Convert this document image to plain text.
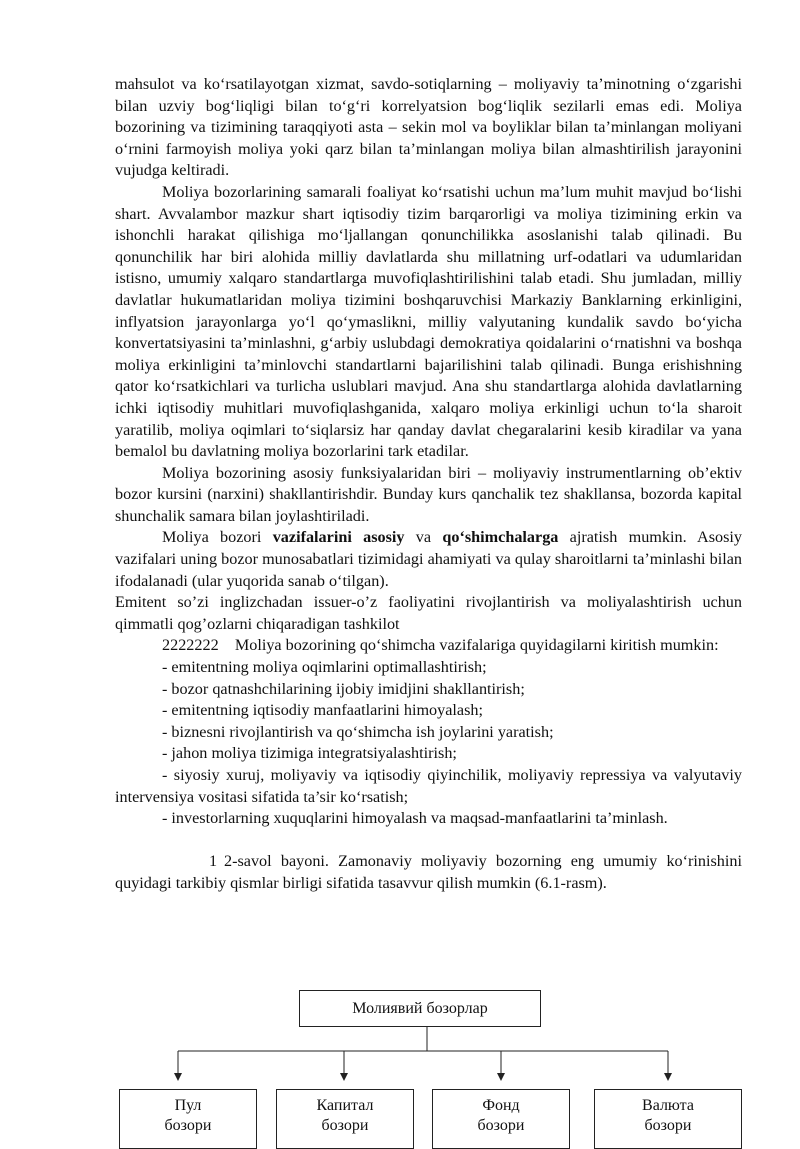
mahsulot va ko‘rsatilayotgan xizmat, savdo-sotiqlarning – moliyaviy ta’minotning o‘zgarishi bilan uzviy bog‘liqligi bilan to‘g‘ri korrelyatsion bog‘liqlik sezilarli emas edi. Moliya bozorining va tizimining taraqqiyoti asta – sekin mol va boyliklar bilan ta’minlangan moliyani o‘rnini farmoyish moliya yoki qarz bilan ta’minlangan moliya bilan almashtirilish jarayonini vujudga keltiradi.

Moliya bozorlarining samarali foaliyat ko‘rsatishi uchun ma’lum muhit mavjud bo‘lishi shart. Avvalambor mazkur shart iqtisodiy tizim barqarorligi va moliya tizimining erkin va ishonchli harakat qilishiga mo‘ljallangan qonunchilikka asoslanishi talab qilinadi. Bu qonunchilik har biri alohida milliy davlatlarda shu millatning urf-odatlari va udumlaridan istisno, umumiy xalqaro standartlarga muvofiqlashtirilishini talab etadi. Shu jumladan, milliy davlatlar hukumatlaridan moliya tizimini boshqaruvchisi Markaziy Banklarning erkinligini, inflyatsion jarayonlarga yo‘l qo‘ymaslikni, milliy valyutaning kundalik savdo bo‘yicha konvertatsiyasini ta’minlashni, g‘arbiy uslubdagi demokratiya qoidalarini o‘rnatishni va boshqa moliya erkinligini ta’minlovchi standartlarni bajarilishini talab qilinadi. Bunga erishishning qator ko‘rsatkichlari va turlicha uslublari mavjud. Ana shu standartlarga alohida davlatlarning ichki iqtisodiy muhitlari muvofiqlashganida, xalqaro moliya erkinligi uchun to‘la sharoit yaratilib, moliya oqimlari to‘siqlarsiz har qanday davlat chegaralarini kesib kiradilar va yana bemalol bu davlatning moliya bozorlarini tark etadilar.

Moliya bozorining asosiy funksiyalaridan biri – moliyaviy instrumentlarning ob’ektiv bozor kursini (narxini) shakllantirishdir. Bunday kurs qanchalik tez shakllansa, bozorda kapital shunchalik samara bilan joylashtiriladi.

Moliya bozori vazifalarini asosiy va qo‘shimchalarga ajratish mumkin. Asosiy vazifalari uning bozor munosabatlari tizimidagi ahamiyati va qulay sharoitlarni ta’minlashi bilan ifodalanadi (ular yuqorida sanab o‘tilgan).

Emitent so’zi inglizchadan issuer-o’z faoliyatini rivojlantirish va moliyalashtirish uchun qimmatli qog’ozlarni chiqaradigan tashkilot

2222222 Moliya bozorining qo‘shimcha vazifalariga quyidagilarni kiritish mumkin:

- emitentning moliya oqimlarini optimallashtirish;

- bozor qatnashchilarining ijobiy imidjini shakllantirish;

- emitentning iqtisodiy manfaatlarini himoyalash;

- biznesni rivojlantirish va qo‘shimcha ish joylarini yaratish;

- jahon moliya tizimiga integratsiyalashtirish;

- siyosiy xuruj, moliyaviy va iqtisodiy qiyinchilik, moliyaviy repressiya va valyutaviy intervensiya vositasi sifatida ta’sir ko‘rsatish;

- investorlarning xuquqlarini himoyalash va maqsad-manfaatlarini ta’minlash.

1 2-savol bayoni. Zamonaviy moliyaviy bozorning eng umumiy ko‘rinishini quyidagi tarkibiy qismlar birligi sifatida tasavvur qilish mumkin (6.1-rasm).

Молиявий бозорлар
Пул бозори
Капитал бозори
Фонд бозори
Валюта бозори
